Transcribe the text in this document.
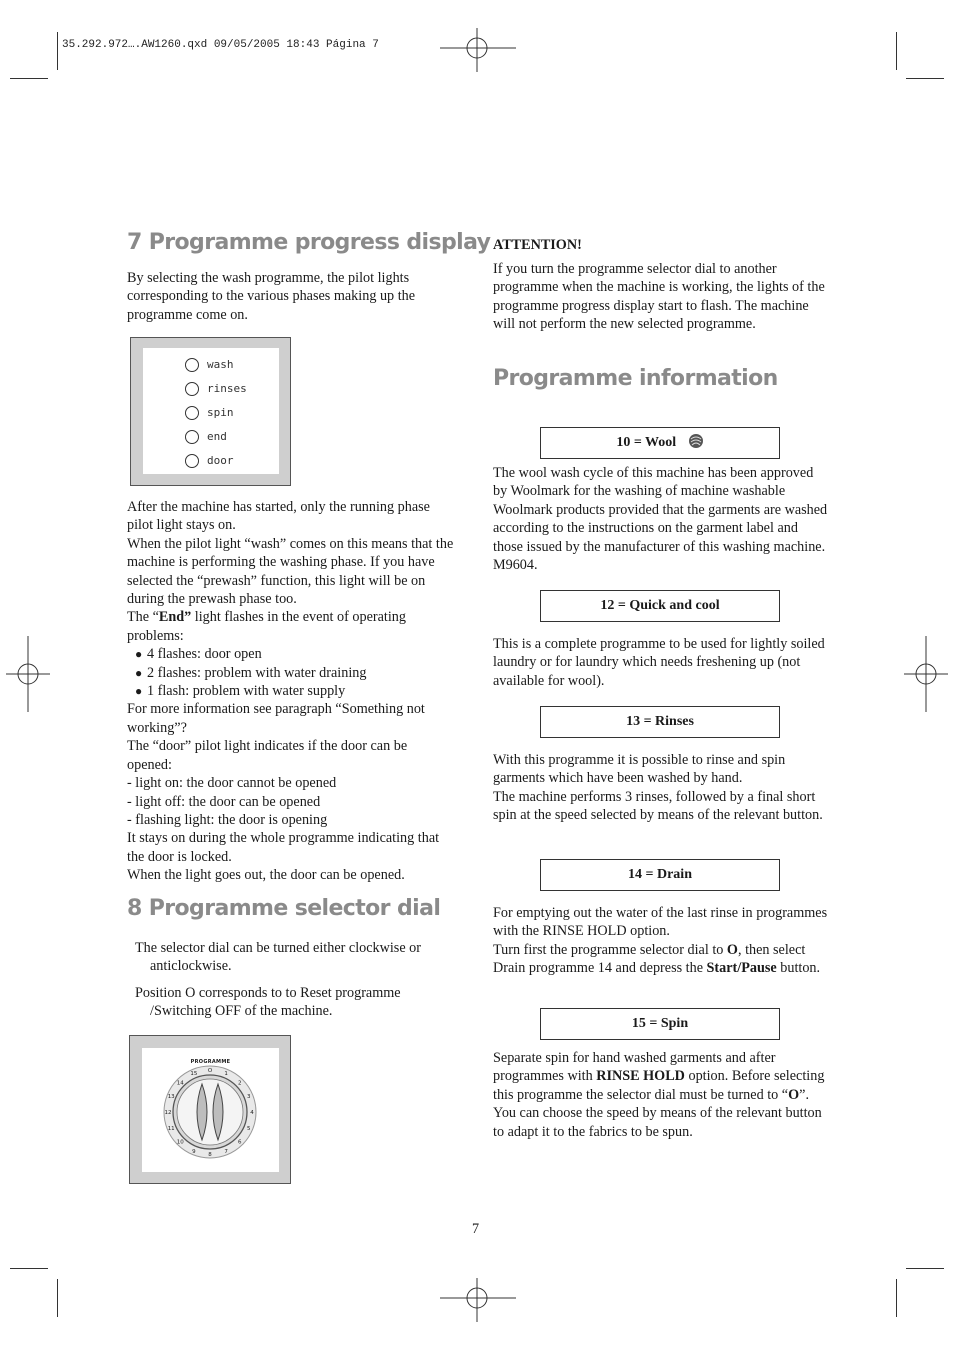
35.292.972….AW1260.qxd 09/05/2005 18:43 Página 7
7 Programme progress display

By selecting the wash programme, the pilot lights corresponding to the various phases making up the programme come on.

wash
rinses
spin
end
door

After the machine has started, only the running phase pilot light stays on.

When the pilot light “wash” comes on this means that the machine is performing the washing phase. If you have selected the “prewash” function, this light will be on during the prewash phase too.

The “End” light flashes in the event of operating problems:

● 4 flashes: door open
● 2 flashes: problem with water draining
● 1 flash: problem with water supply

For more information see paragraph “Something not working”?

The “door” pilot light indicates if the door can be opened:

- light on: the door cannot be opened

- light off: the door can be opened

- flashing light: the door is opening

It stays on during the whole programme indicating that the door is locked.

When the light goes out, the door can be opened.

8 Programme selector dial

The selector dial can be turned either clockwise or anticlockwise.

Position O corresponds to to Reset programme /Switching OFF of the machine.

PROGRAMME
O
1
2
3
4
5
6
7
8
9
10
11
12
13
14
15

ATTENTION!

If you turn the programme selector dial to another programme when the machine is working, the lights of the programme progress display start to flash. The machine will not perform the new selected programme.

Programme information
10 = Wool

The wool wash cycle of this machine has been approved by Woolmark for the washing of machine washable Woolmark products provided that the garments are washed according to the instructions on the garment label and those issued by the manufacturer of this washing machine. M9604.

12 = Quick and cool

This is a complete programme to be used for lightly soiled laundry or for laundry which needs freshening up (not available for wool).

13 = Rinses

With this programme it is possible to rinse and spin garments which have been washed by hand.

The machine performs 3 rinses, followed by a final short spin at the speed selected by means of the relevant button.

14 = Drain

For emptying out the water of the last rinse in programmes with the RINSE HOLD option.

Turn first the programme selector dial to O, then select Drain programme 14 and depress the Start/Pause button.

15 = Spin

Separate spin for hand washed garments and after programmes with RINSE HOLD option. Before selecting this programme the selector dial must be turned to “O”. You can choose the speed by means of the relevant button to adapt it to the fabrics to be spun.

7
